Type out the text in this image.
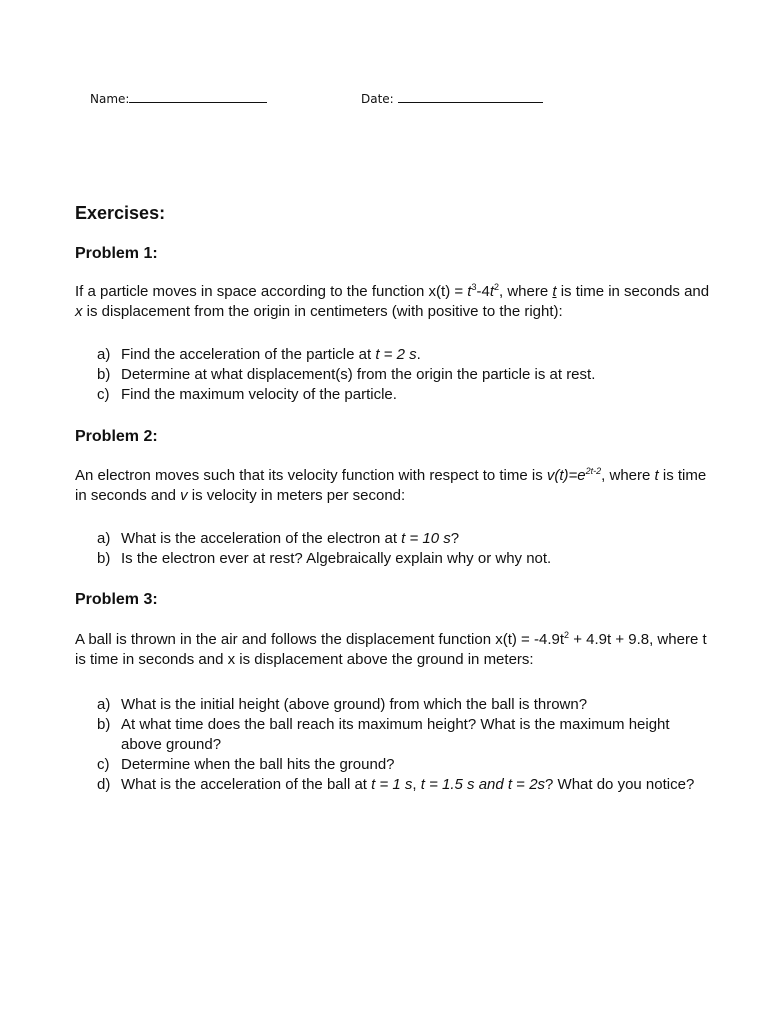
Name:	Date:
Exercises:
Problem 1:
If a particle moves in space according to the function $x(t) = t^3-4t^2$, where t is time in seconds and x is displacement from the origin in centimeters (with positive to the right):
a) Find the acceleration of the particle at t = 2 s.
b) Determine at what displacement(s) from the origin the particle is at rest.
c) Find the maximum velocity of the particle.
Problem 2:
An electron moves such that its velocity function with respect to time is $v(t)=e^{2t-2}$, where t is time in seconds and v is velocity in meters per second:
a) What is the acceleration of the electron at t = 10 s?
b) Is the electron ever at rest? Algebraically explain why or why not.
Problem 3:
A ball is thrown in the air and follows the displacement function $x(t) = -4.9t^2 + 4.9t + 9.8$, where t is time in seconds and x is displacement above the ground in meters:
a) What is the initial height (above ground) from which the ball is thrown?
b) At what time does the ball reach its maximum height? What is the maximum height above ground?
c) Determine when the ball hits the ground?
d) What is the acceleration of the ball at t = 1 s, t = 1.5 s and t = 2s? What do you notice?
